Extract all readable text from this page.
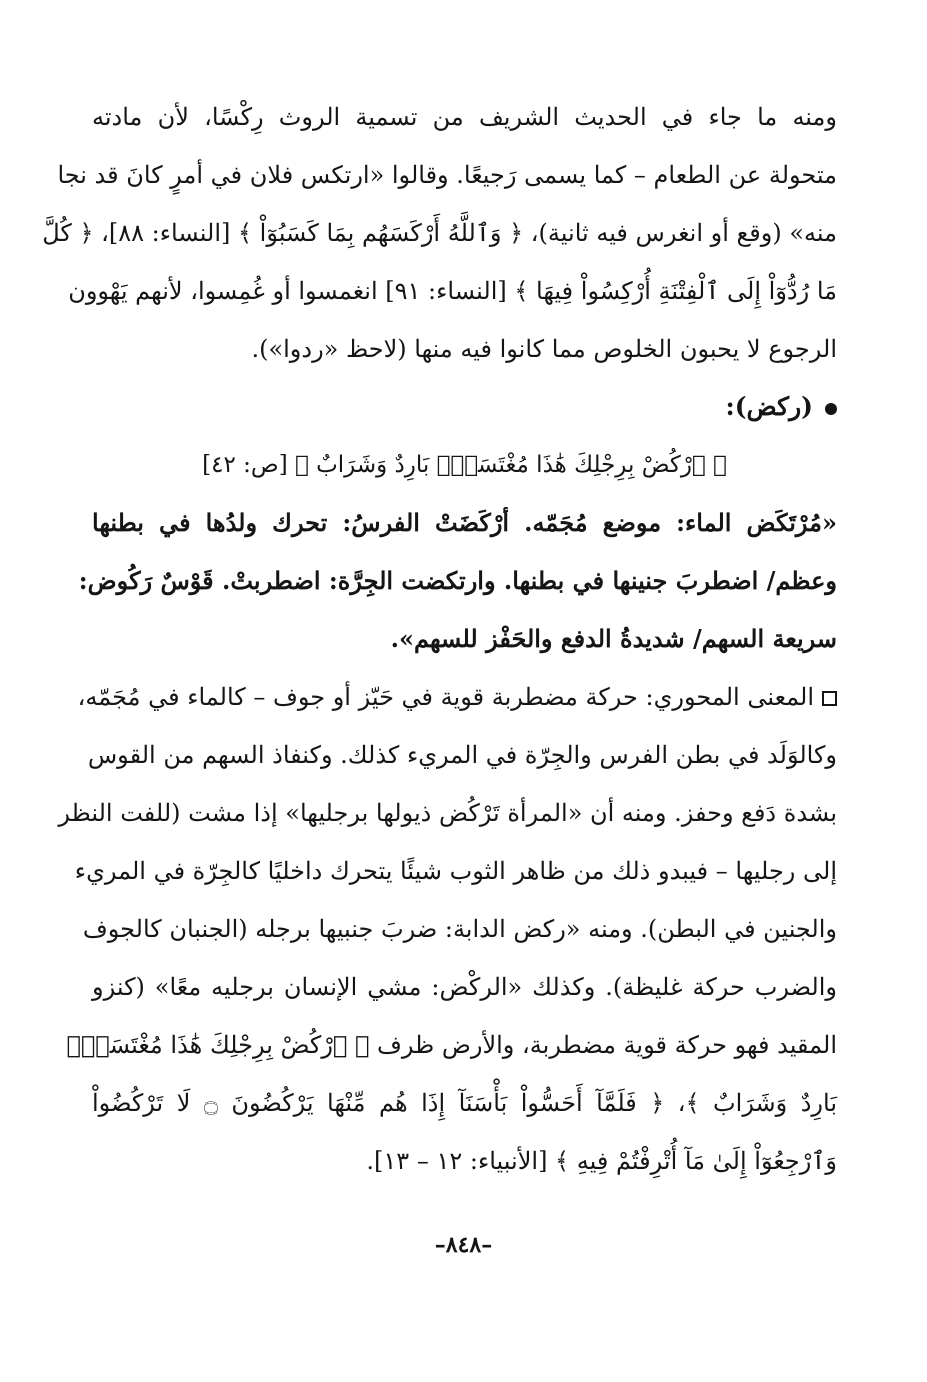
ومنه ما جاء في الحديث الشريف من تسمية الروث رِكْسًا، لأن مادته
متحولة عن الطعام – كما يسمى رَجيعًا. وقالوا «ارتكس فلان في أمرٍ كانَ قد نجا
منه» (وقع أو انغرس فيه ثانية)، ﴿ وَٱللَّهُ أَرْكَسَهُم بِمَا كَسَبُوٓاْ ﴾ [النساء: ٨٨]، ﴿ كُلَّ
مَا رُدُّوٓاْ إِلَى ٱلْفِتْنَةِ أُرْكِسُواْ فِيهَا ﴾ [النساء: ٩١] انغمسوا أو غُمِسوا، لأنهم يَهْوون
الرجوع لا يحبون الخلوص مما كانوا فيه منها (لاحظ «ردوا»).
(ركض):
﴿ ٱرْكُضْ بِرِجْلِكَ هَٰذَا مُغْتَسَلٌۢ بَارِدٌ وَشَرَابٌ ﴾ [ص: ٤٢]
«مُرْتَكَض الماء: موضع مُجَمّه. أرْكَضَتْ الفرسُ: تحرك ولدُها في بطنها
وعظم/ اضطربَ جنينها في بطنها. وارتكضت الجِرَّة: اضطربتْ. قَوْسٌ رَكُوض:
سريعة السهم/ شديدةُ الدفع والحَفْز للسهم».
المعنى المحوري: حركة مضطربة قوية في حَيّز أو جوف – كالماء في مُجَمّه،
وكالوَلَد في بطن الفرس والجِرّة في المريء كذلك. وكنفاذ السهم من القوس
بشدة دَفع وحفز. ومنه أن «المرأة تَرْكُض ذيولها برجليها» إذا مشت (للفت النظر
إلى رجليها – فيبدو ذلك من ظاهر الثوب شيئًا يتحرك داخليًا كالجِرّة في المريء
والجنين في البطن). ومنه «ركض الدابة: ضربَ جنبيها برجله (الجنبان كالجوف
والضرب حركة غليظة). وكذلك «الركْض: مشي الإنسان برجليه معًا» (كنزو
المقيد فهو حركة قوية مضطربة، والأرض ظرف ﴿ ٱرْكُضْ بِرِجْلِكَ هَٰذَا مُغْتَسَلٌۢ
بَارِدٌ وَشَرَابٌ ﴾، ﴿ فَلَمَّآ أَحَسُّواْ بَأْسَنَآ إِذَا هُم مِّنْهَا يَرْكُضُونَ ۝ لَا تَرْكُضُواْ
وَٱرْجِعُوٓاْ إِلَىٰ مَآ أُتْرِفْتُمْ فِيهِ ﴾ [الأنبياء: ١٢ – ١٣].
–٨٤٨–
